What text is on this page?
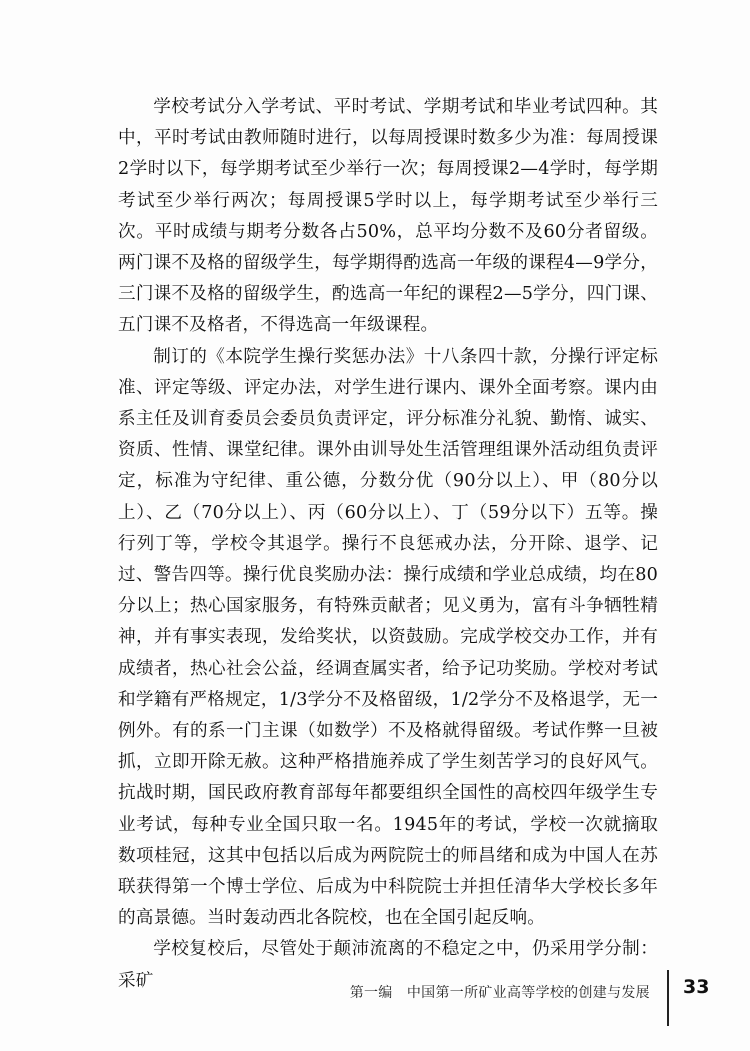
学校考试分入学考试、平时考试、学期考试和毕业考试四种。其中，平时考试由教师随时进行，以每周授课时数多少为准：每周授课2学时以下，每学期考试至少举行一次；每周授课2—4学时，每学期考试至少举行两次；每周授课5学时以上，每学期考试至少举行三次。平时成绩与期考分数各占50%，总平均分数不及60分者留级。两门课不及格的留级学生，每学期得酌选高一年级的课程4—9学分，三门课不及格的留级学生，酌选高一年纪的课程2—5学分，四门课、五门课不及格者，不得选高一年级课程。

制订的《本院学生操行奖惩办法》十八条四十款，分操行评定标准、评定等级、评定办法，对学生进行课内、课外全面考察。课内由系主任及训育委员会委员负责评定，评分标准分礼貌、勤惰、诚实、资质、性情、课堂纪律。课外由训导处生活管理组课外活动组负责评定，标准为守纪律、重公德，分数分优（90分以上）、甲（80分以上）、乙（70分以上）、丙（60分以上）、丁（59分以下）五等。操行列丁等，学校令其退学。操行不良惩戒办法，分开除、退学、记过、警告四等。操行优良奖励办法：操行成绩和学业总成绩，均在80分以上；热心国家服务，有特殊贡献者；见义勇为，富有斗争牺牲精神，并有事实表现，发给奖状，以资鼓励。完成学校交办工作，并有成绩者，热心社会公益，经调查属实者，给予记功奖励。学校对考试和学籍有严格规定，1/3学分不及格留级，1/2学分不及格退学，无一例外。有的系一门主课（如数学）不及格就得留级。考试作弊一旦被抓，立即开除无赦。这种严格措施养成了学生刻苦学习的良好风气。抗战时期，国民政府教育部每年都要组织全国性的高校四年级学生专业考试，每种专业全国只取一名。1945年的考试，学校一次就摘取数项桂冠，这其中包括以后成为两院院士的师昌绪和成为中国人在苏联获得第一个博士学位、后成为中科院院士并担任清华大学校长多年的高景德。当时轰动西北各院校，也在全国引起反响。

学校复校后，尽管处于颠沛流离的不稳定之中，仍采用学分制：采矿

第一编　中国第一所矿业高等学校的创建与发展 33
